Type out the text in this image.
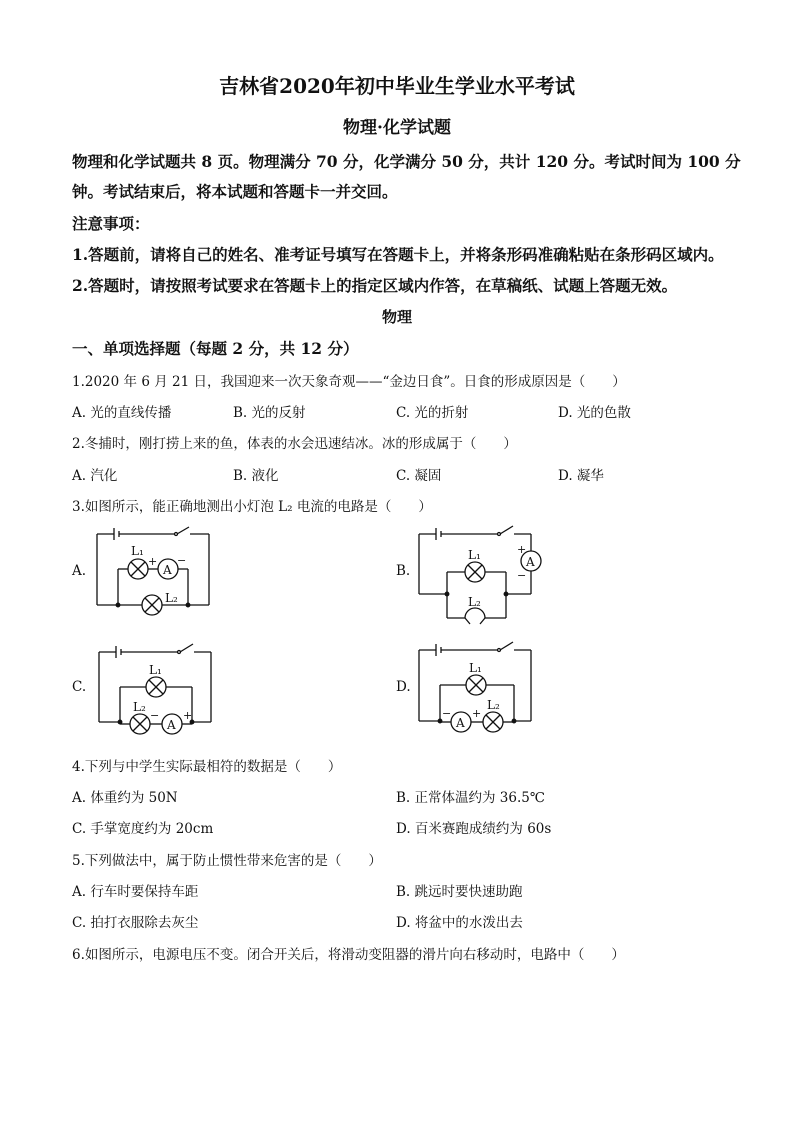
吉林省2020年初中毕业生学业水平考试
物理·化学试题
物理和化学试题共 8 页。物理满分 70 分，化学满分 50 分，共计 120 分。考试时间为 100 分
钟。考试结束后，将本试题和答题卡一并交回。
注意事项：
1.答题前，请将自己的姓名、准考证号填写在答题卡上，并将条形码准确粘贴在条形码区域内。
2.答题时，请按照考试要求在答题卡上的指定区域内作答，在草稿纸、试题上答题无效。
物理
一、单项选择题（每题 2 分，共 12 分）
1.2020 年 6 月 21 日，我国迎来一次天象奇观——“金边日食”。日食的形成原因是（　　）
A. 光的直线传播	B. 光的反射	C. 光的折射	D. 光的色散
2.冬捕时，刚打捞上来的鱼，体表的水会迅速结冰。冰的形成属于（　　）
A. 汽化	B. 液化	C. 凝固	D. 凝华
3.如图所示，能正确地测出小灯泡 L₂ 电流的电路是（　　）
A.	B.
C.	D.
L₁
A
+ −
L₂
L₁
L₂
A
+
−
L₁
L₂
A
− +
L₁
L₂
A
− +
4.下列与中学生实际最相符的数据是（　　）
A. 体重约为 50N	B. 正常体温约为 36.5℃
C. 手掌宽度约为 20cm	D. 百米赛跑成绩约为 60s
5.下列做法中，属于防止惯性带来危害的是（　　）
A. 行车时要保持车距	B. 跳远时要快速助跑
C. 拍打衣服除去灰尘	D. 将盆中的水泼出去
6.如图所示，电源电压不变。闭合开关后，将滑动变阻器的滑片向右移动时，电路中（　　）
